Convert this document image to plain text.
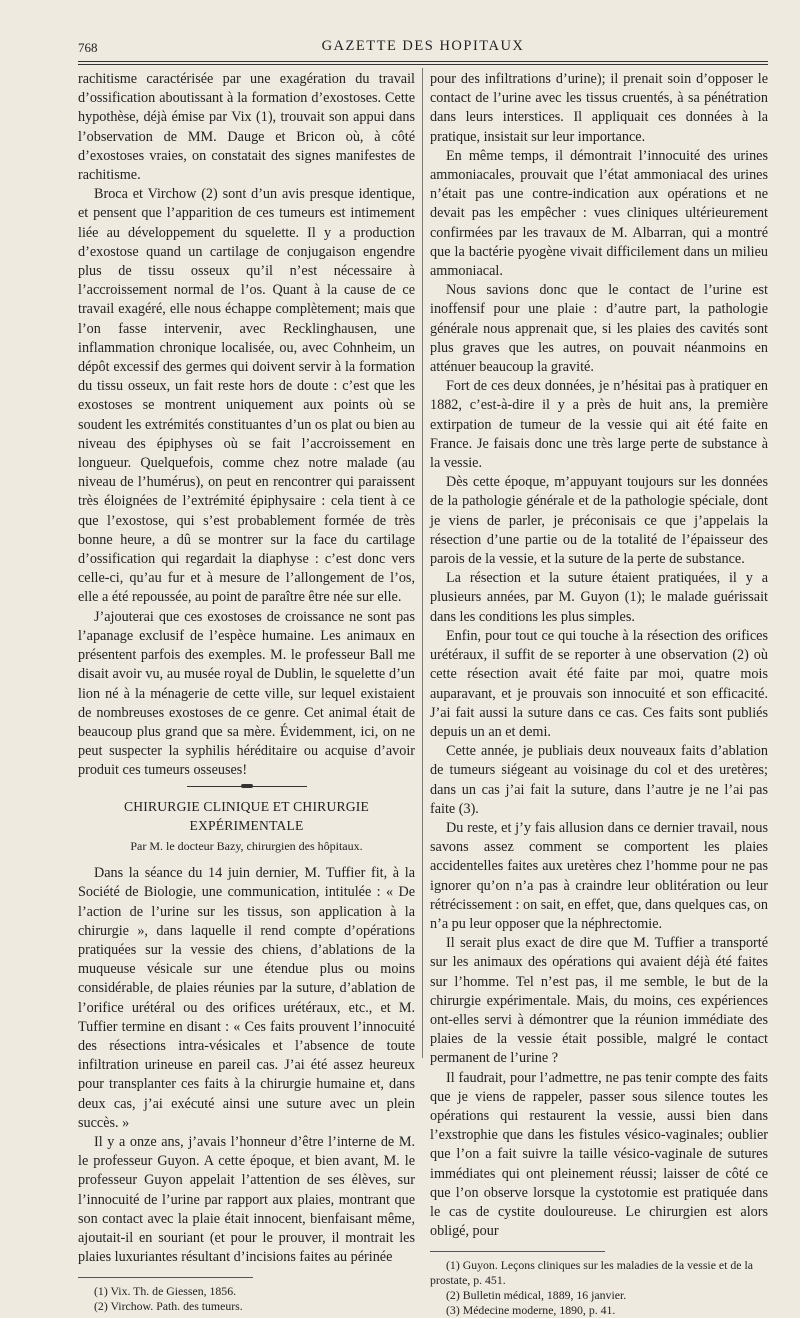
768	GAZETTE DES HOPITAUX

rachitisme caractérisée par une exagération du travail d’ossification aboutissant à la formation d’exostoses. Cette hypothèse, déjà émise par Vix (1), trouvait son appui dans l’observation de MM. Dauge et Bricon où, à côté d’exostoses vraies, on constatait des signes manifestes de rachitisme.

Broca et Virchow (2) sont d’un avis presque identique, et pensent que l’apparition de ces tumeurs est intimement liée au développement du squelette. Il y a production d’exostose quand un cartilage de conjugaison engendre plus de tissu osseux qu’il n’est nécessaire à l’accroissement normal de l’os. Quant à la cause de ce travail exagéré, elle nous échappe complètement; mais que l’on fasse intervenir, avec Recklinghausen, une inflammation chronique localisée, ou, avec Cohnheim, un dépôt excessif des germes qui doivent servir à la formation du tissu osseux, un fait reste hors de doute : c’est que les exostoses se montrent uniquement aux points où se soudent les extrémités constituantes d’un os plat ou bien au niveau des épiphyses où se fait l’accroissement en longueur. Quelquefois, comme chez notre malade (au niveau de l’humérus), on peut en rencontrer qui paraissent très éloignées de l’extrémité épiphysaire : cela tient à ce que l’exostose, qui s’est probablement formée de très bonne heure, a dû se montrer sur la face du cartilage d’ossification qui regardait la diaphyse : c’est donc vers celle-ci, qu’au fur et à mesure de l’allongement de l’os, elle a été repoussée, au point de paraître être née sur elle.

J’ajouterai que ces exostoses de croissance ne sont pas l’apanage exclusif de l’espèce humaine. Les animaux en présentent parfois des exemples. M. le professeur Ball me disait avoir vu, au musée royal de Dublin, le squelette d’un lion né à la ménagerie de cette ville, sur lequel existaient de nombreuses exostoses de ce genre. Cet animal était de beaucoup plus grand que sa mère. Évidemment, ici, on ne peut suspecter la syphilis héréditaire ou acquise d’avoir produit ces tumeurs osseuses!

CHIRURGIE CLINIQUE ET CHIRURGIE EXPÉRIMENTALE
Par M. le docteur Bazy, chirurgien des hôpitaux.

Dans la séance du 14 juin dernier, M. Tuffier fit, à la Société de Biologie, une communication, intitulée : « De l’action de l’urine sur les tissus, son application à la chirurgie », dans laquelle il rend compte d’opérations pratiquées sur la vessie des chiens, d’ablations de la muqueuse vésicale sur une étendue plus ou moins considérable, de plaies réunies par la suture, d’ablation de l’orifice urétéral ou des orifices urétéraux, etc., et M. Tuffier termine en disant : « Ces faits prouvent l’innocuité des résections intra-vésicales et l’absence de toute infiltration urineuse en pareil cas. J’ai été assez heureux pour transplanter ces faits à la chirurgie humaine et, dans deux cas, j’ai exécuté ainsi une suture avec un plein succès. »

Il y a onze ans, j’avais l’honneur d’être l’interne de M. le professeur Guyon. A cette époque, et bien avant, M. le professeur Guyon appelait l’attention de ses élèves, sur l’innocuité de l’urine par rapport aux plaies, montrant que son contact avec la plaie était innocent, bienfaisant même, ajoutait-il en souriant (et pour le prouver, il montrait les plaies luxuriantes résultant d’incisions faites au périnée

(1) Vix. Th. de Giessen, 1856.

(2) Virchow. Path. des tumeurs.

pour des infiltrations d’urine); il prenait soin d’opposer le contact de l’urine avec les tissus cruentés, à sa pénétration dans leurs interstices. Il appliquait ces données à la pratique, insistait sur leur importance.

En même temps, il démontrait l’innocuité des urines ammoniacales, prouvait que l’état ammoniacal des urines n’était pas une contre-indication aux opérations et ne devait pas les empêcher : vues cliniques ultérieurement confirmées par les travaux de M. Albarran, qui a montré que la bactérie pyogène vivait difficilement dans un milieu ammoniacal.

Nous savions donc que le contact de l’urine est inoffensif pour une plaie : d’autre part, la pathologie générale nous apprenait que, si les plaies des cavités sont plus graves que les autres, on pouvait néanmoins en atténuer beaucoup la gravité.

Fort de ces deux données, je n’hésitai pas à pratiquer en 1882, c’est-à-dire il y a près de huit ans, la première extirpation de tumeur de la vessie qui ait été faite en France. Je faisais donc une très large perte de substance à la vessie.

Dès cette époque, m’appuyant toujours sur les données de la pathologie générale et de la pathologie spéciale, dont je viens de parler, je préconisais ce que j’appelais la résection d’une partie ou de la totalité de l’épaisseur des parois de la vessie, et la suture de la perte de substance.

La résection et la suture étaient pratiquées, il y a plusieurs années, par M. Guyon (1); le malade guérissait dans les conditions les plus simples.

Enfin, pour tout ce qui touche à la résection des orifices urétéraux, il suffit de se reporter à une observation (2) où cette résection avait été faite par moi, quatre mois auparavant, et je prouvais son innocuité et son efficacité. J’ai fait aussi la suture dans ce cas. Ces faits sont publiés depuis un an et demi.

Cette année, je publiais deux nouveaux faits d’ablation de tumeurs siégeant au voisinage du col et des uretères; dans un cas j’ai fait la suture, dans l’autre je ne l’ai pas faite (3).

Du reste, et j’y fais allusion dans ce dernier travail, nous savons assez comment se comportent les plaies accidentelles faites aux uretères chez l’homme pour ne pas ignorer qu’on n’a pas à craindre leur oblitération ou leur rétrécissement : on sait, en effet, que, dans quelques cas, on n’a pu leur opposer que la néphrectomie.

Il serait plus exact de dire que M. Tuffier a transporté sur les animaux des opérations qui avaient déjà été faites sur l’homme. Tel n’est pas, il me semble, le but de la chirurgie expérimentale. Mais, du moins, ces expériences ont-elles servi à démontrer que la réunion immédiate des plaies de la vessie était possible, malgré le contact permanent de l’urine ?

Il faudrait, pour l’admettre, ne pas tenir compte des faits que je viens de rappeler, passer sous silence toutes les opérations qui restaurent la vessie, aussi bien dans l’exstrophie que dans les fistules vésico-vaginales; oublier que l’on a fait suivre la taille vésico-vaginale de sutures immédiates qui ont pleinement réussi; laisser de côté ce que l’on observe lorsque la cystotomie est pratiquée dans le cas de cystite douloureuse. Le chirurgien est alors obligé, pour

(1) Guyon. Leçons cliniques sur les maladies de la vessie et de la prostate, p. 451.

(2) Bulletin médical, 1889, 16 janvier.

(3) Médecine moderne, 1890, p. 41.
